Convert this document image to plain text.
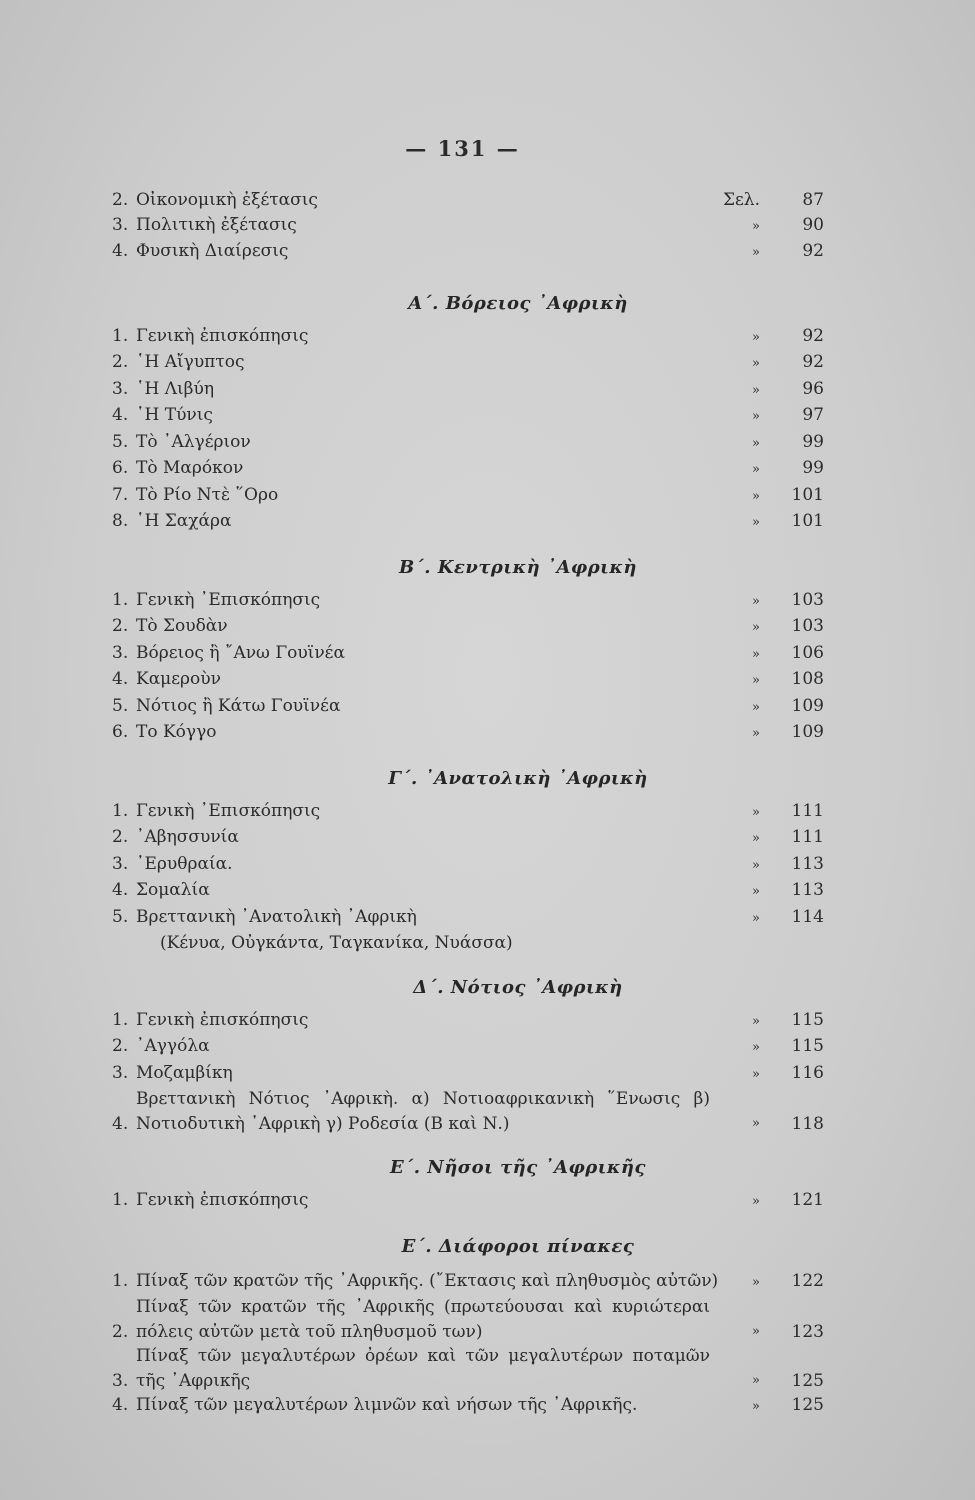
— 131 —
2. Οἰκονομικὴ ἐξέτασις	Σελ.	87
3. Πολιτικὴ ἐξέτασις	»	90
4. Φυσικὴ Διαίρεσις	»	92
Α΄. Βόρειος ᾿Αφρικὴ
1. Γενικὴ ἐπισκόπησις	»	92
2. ῾Η Αἴγυπτος	»	92
3. ῾Η Λιβύη	»	96
4. ῾Η Τύνις	»	97
5. Τὸ ᾿Αλγέριον	»	99
6. Τὸ Μαρόκον	»	99
7. Τὸ Ρίο Ντὲ ῞Ορο	»	101
8. ῾Η Σαχάρα	»	101
Β΄. Κεντρικὴ ᾿Αφρικὴ
1. Γενικὴ ᾿Επισκόπησις	»	103
2. Τὸ Σουδὰν	»	103
3. Βόρειος ἢ ῎Ανω Γουϊνέα	»	106
4. Καμεροὺν	»	108
5. Νότιος ἢ Κάτω Γουϊνέα	»	109
6. Το Κόγγο	»	109
Γ΄. ᾿Ανατολικὴ ᾿Αφρικὴ
1. Γενικὴ ᾿Επισκόπησις	»	111
2. ᾿Αβησσυνία	»	111
3. ᾿Ερυθραία.	»	113
4. Σομαλία	»	113
5. Βρεττανικὴ ᾿Ανατολικὴ ᾿Αφρικὴ	»	114
(Κένυα, Οὐγκάντα, Ταγκανίκα, Νυάσσα)
Δ΄. Νότιος ᾿Αφρικὴ
1. Γενικὴ ἐπισκόπησις	»	115
2. ᾿Αγγόλα	»	115
3. Μοζαμβίκη	»	116
4.
Βρεττανικὴ Νότιος ᾿Αφρικὴ. α) Νοτιοαφρικανικὴ ῞Ενωσις β) Νοτιοδυτικὴ ᾿Αφρικὴ γ) Ροδεσία (Β καὶ Ν.)	»	118
Ε΄. Νῆσοι τῆς ᾿Αφρικῆς
1. Γενικὴ ἐπισκόπησις	»	121
Ε΄. Διάφοροι πίνακες
1. Πίναξ τῶν κρατῶν τῆς ᾿Αφρικῆς. (῎Εκτασις καὶ πληθυσμὸς αὐτῶν)	»	122
2.
Πίναξ τῶν κρατῶν τῆς ᾿Αφρικῆς (πρωτεύουσαι καὶ κυριώτεραι πόλεις αὐτῶν μετὰ τοῦ πληθυσμοῦ των)	»	123
3.
Πίναξ τῶν μεγαλυτέρων ὀρέων καὶ τῶν μεγαλυτέρων ποταμῶν τῆς ᾿Αφρικῆς	»	125
4. Πίναξ τῶν μεγαλυτέρων λιμνῶν καὶ νήσων τῆς ᾿Αφρικῆς.	»	125
